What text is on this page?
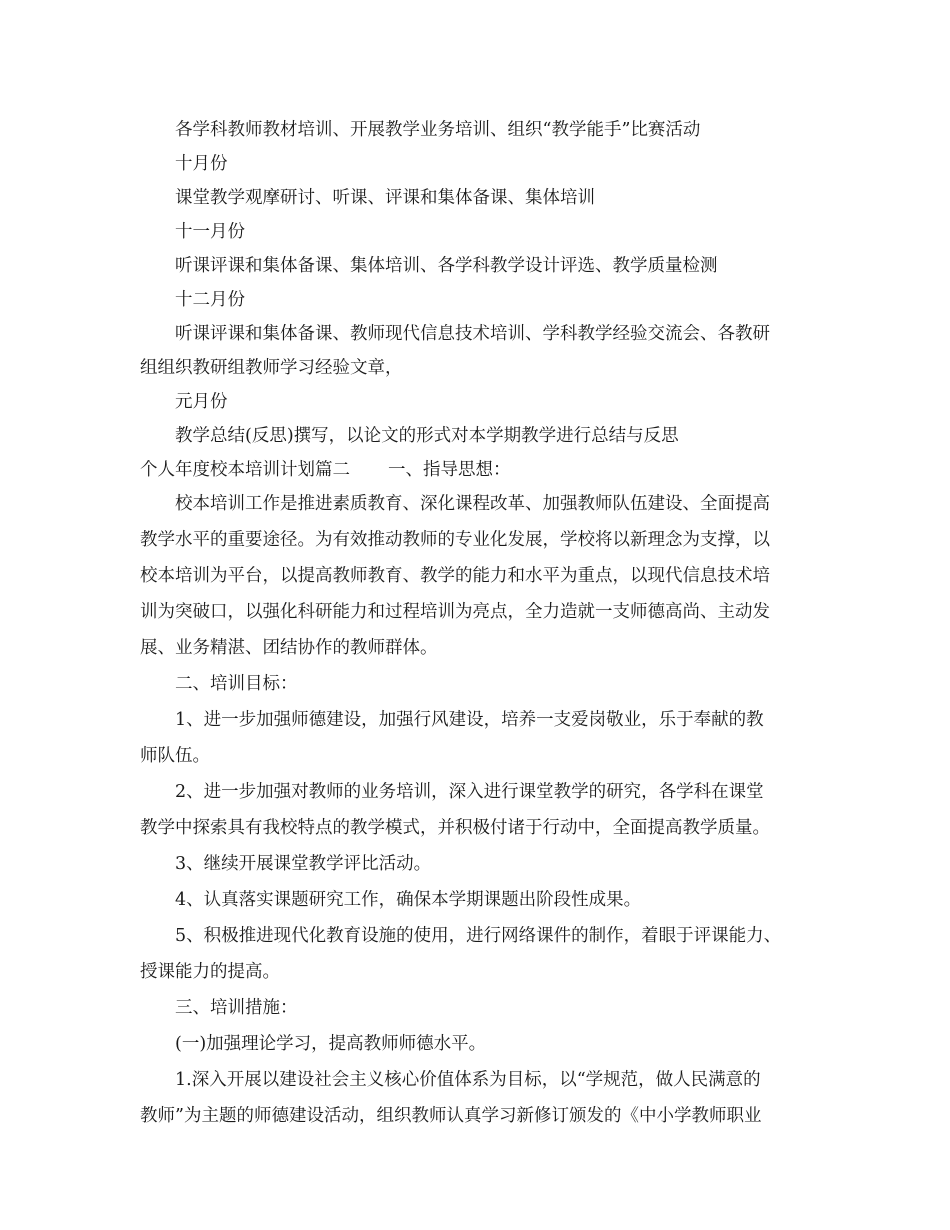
各学科教师教材培训、开展教学业务培训、组织“教学能手”比赛活动
十月份
课堂教学观摩研讨、听课、评课和集体备课、集体培训
十一月份
听课评课和集体备课、集体培训、各学科教学设计评选、教学质量检测
十二月份
听课评课和集体备课、教师现代信息技术培训、学科教学经验交流会、各教研
组组织教研组教师学习经验文章，
元月份
教学总结(反思)撰写，以论文的形式对本学期教学进行总结与反思
个人年度校本培训计划篇二 一、指导思想：
校本培训工作是推进素质教育、深化课程改革、加强教师队伍建设、全面提高
教学水平的重要途径。为有效推动教师的专业化发展，学校将以新理念为支撑，以
校本培训为平台，以提高教师教育、教学的能力和水平为重点，以现代信息技术培
训为突破口，以强化科研能力和过程培训为亮点，全力造就一支师德高尚、主动发
展、业务精湛、团结协作的教师群体。
二、培训目标：
1、进一步加强师德建设，加强行风建设，培养一支爱岗敬业，乐于奉献的教
师队伍。
2、进一步加强对教师的业务培训，深入进行课堂教学的研究，各学科在课堂
教学中探索具有我校特点的教学模式，并积极付诸于行动中，全面提高教学质量。
3、继续开展课堂教学评比活动。
4、认真落实课题研究工作，确保本学期课题出阶段性成果。
5、积极推进现代化教育设施的使用，进行网络课件的制作，着眼于评课能力、
授课能力的提高。
三、培训措施：
(一)加强理论学习，提高教师师德水平。
1.深入开展以建设社会主义核心价值体系为目标，以“学规范，做人民满意的
教师”为主题的师德建设活动，组织教师认真学习新修订颁发的《中小学教师职业
